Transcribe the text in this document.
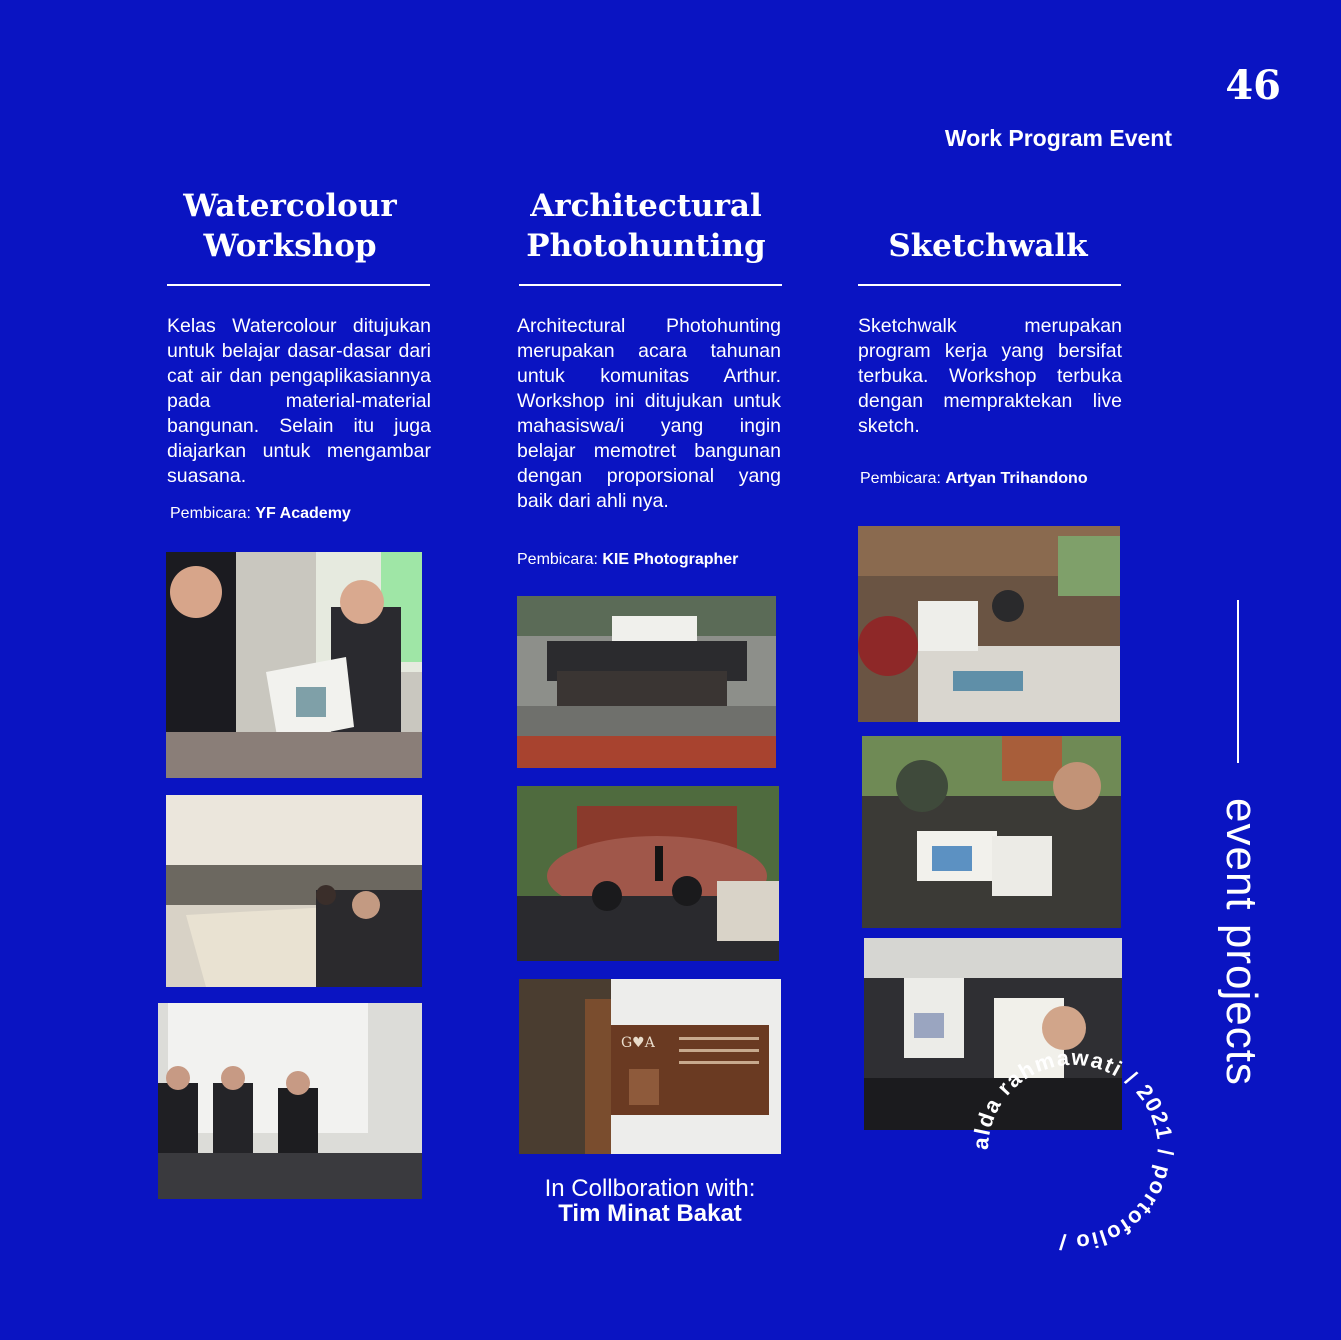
46
Work Program Event
Watercolour
Workshop

Kelas Watercolour ditujukan untuk belajar dasar-dasar dari cat air dan pengaplikasiannya pada material-material bangunan. Selain itu juga diajarkan untuk mengambar suasana.

Pembicara: YF Academy
Architectural
Photohunting

Architectural Photohunting merupakan acara tahunan untuk komunitas Arthur. Workshop ini ditujukan untuk mahasiswa/i yang ingin belajar memotret bangunan dengan proporsional yang baik dari ahli nya.

Pembicara: KIE Photographer
G♥A
In Collboration with:
Tim Minat Bakat
Sketchwalk

Sketchwalk merupakan program kerja yang bersifat terbuka. Workshop terbuka dengan mempraktekan live sketch.

Pembicara: Artyan Trihandono
alda rahmawati / 2021 / portofolio /
event projects
